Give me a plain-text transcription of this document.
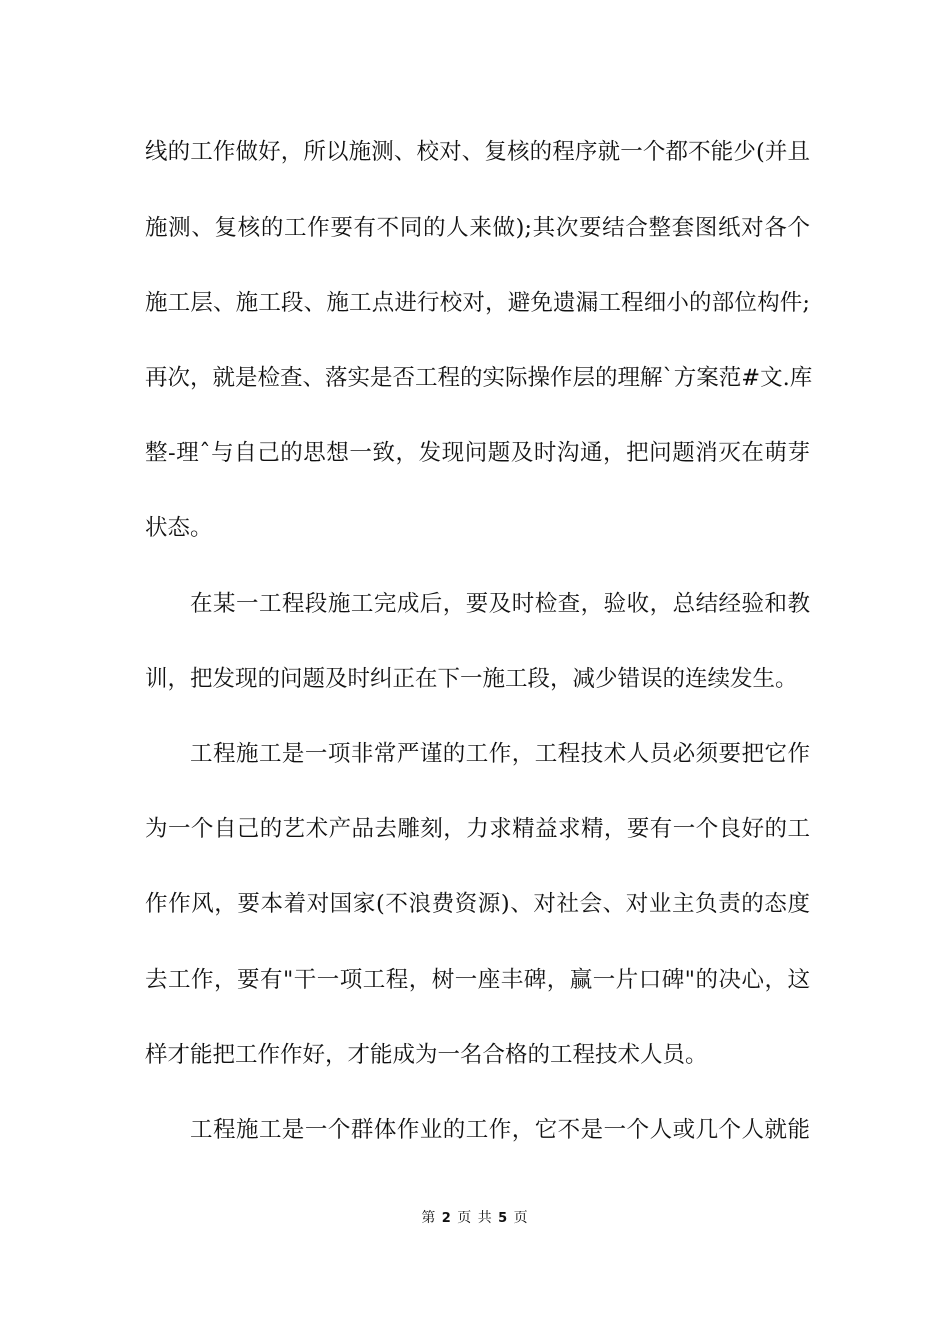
线的工作做好，所以施测、校对、复核的程序就一个都不能少(并且
施测、复核的工作要有不同的人来做);其次要结合整套图纸对各个
施工层、施工段、施工点进行校对，避免遗漏工程细小的部位构件;
再次，就是检查、落实是否工程的实际操作层的理解`方案范#文.库
整-理ˆ与自己的思想一致，发现问题及时沟通，把问题消灭在萌芽
状态。
在某一工程段施工完成后，要及时检查，验收，总结经验和教
训，把发现的问题及时纠正在下一施工段，减少错误的连续发生。
工程施工是一项非常严谨的工作，工程技术人员必须要把它作
为一个自己的艺术产品去雕刻，力求精益求精，要有一个良好的工
作作风，要本着对国家(不浪费资源)、对社会、对业主负责的态度
去工作，要有"干一项工程，树一座丰碑，赢一片口碑"的决心，这
样才能把工作作好，才能成为一名合格的工程技术人员。
工程施工是一个群体作业的工作，它不是一个人或几个人就能
第 2 页 共 5 页
